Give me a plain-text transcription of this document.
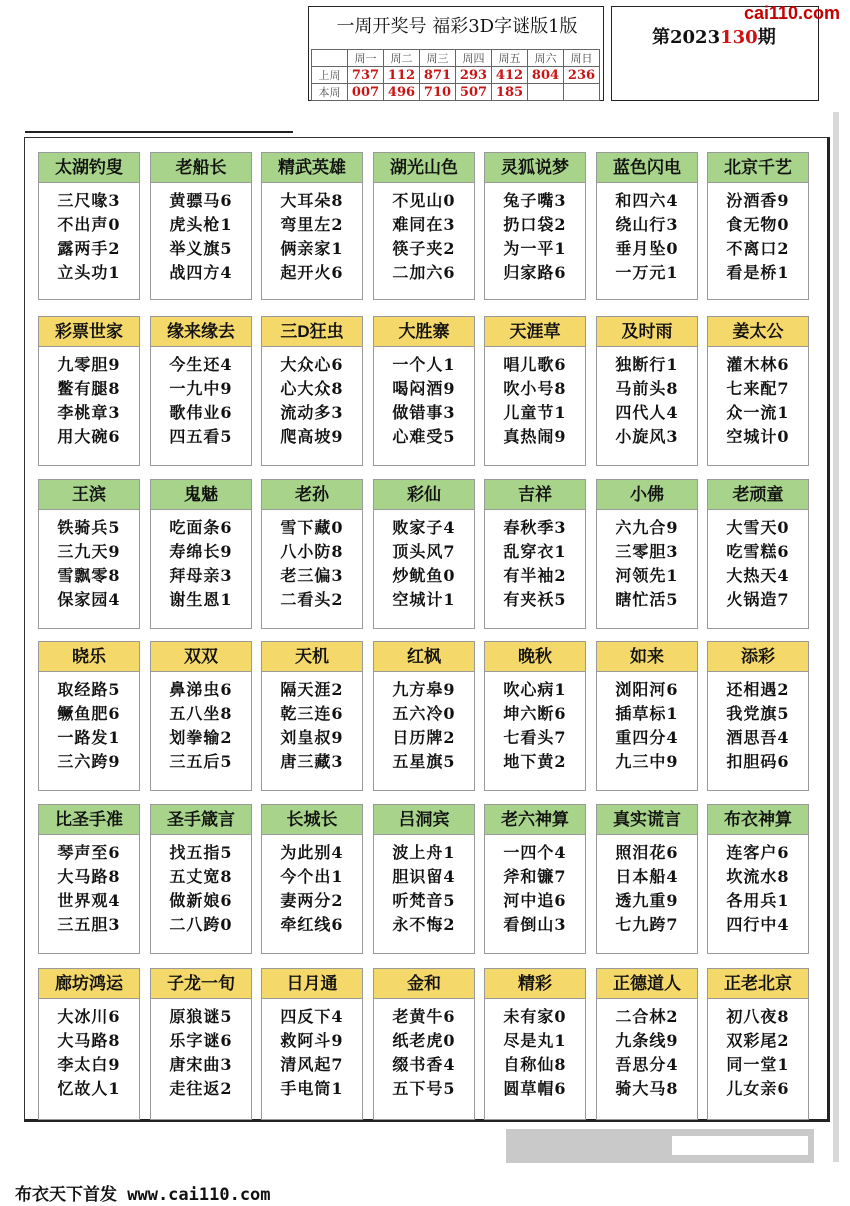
一周开奖号 福彩3D字谜版1版
	周一	周二	周三	周四	周五	周六	周日
上周	737	112	871	293	412	804	236
本周	007	496	710	507	185		
第2023130期
cai110.com
太湖钓叟
三尺喙3
不出声0
露两手2
立头功1
老船长
黄骠马6
虎头枪1
举义旗5
战四方4
精武英雄
大耳朵8
弯里左2
俩亲家1
起开火6
湖光山色
不见山0
难同在3
筷子夹2
二加六6
灵狐说梦
兔子嘴3
扔口袋2
为一平1
归家路6
蓝色闪电
和四六4
绕山行3
垂月坠0
一万元1
北京千艺
汾酒香9
食无物0
不离口2
看是桥1
彩票世家
九零胆9
鳖有腿8
李桃章3
用大碗6
缘来缘去
今生还4
一九中9
歌伟业6
四五看5
三D狂虫
大众心6
心大众8
流动多3
爬高坡9
大胜寨
一个人1
喝闷酒9
做错事3
心难受5
天涯草
唱儿歌6
吹小号8
儿童节1
真热闹9
及时雨
独断行1
马前头8
四代人4
小旋风3
姜太公
灌木林6
七来配7
众一流1
空城计0
王滨
铁骑兵5
三九天9
雪飘零8
保家园4
鬼魅
吃面条6
寿绵长9
拜母亲3
谢生恩1
老孙
雪下藏0
八小防8
老三偏3
二看头2
彩仙
败家子4
顶头风7
炒鱿鱼0
空城计1
吉祥
春秋季3
乱穿衣1
有半袖2
有夹袄5
小佛
六九合9
三零胆3
河领先1
瞎忙活5
老顽童
大雪天0
吃雪糕6
大热天4
火锅造7
晓乐
取经路5
鳜鱼肥6
一路发1
三六跨9
双双
鼻涕虫6
五八坐8
划拳输2
三五后5
天机
隔天涯2
乾三连6
刘皇叔9
唐三藏3
红枫
九方皋9
五六冷0
日历牌2
五星旗5
晚秋
吹心病1
坤六断6
七看头7
地下黄2
如来
浏阳河6
插草标1
重四分4
九三中9
添彩
还相遇2
我党旗5
酒思吾4
扣胆码6
比圣手准
琴声至6
大马路8
世界观4
三五胆3
圣手箴言
找五指5
五丈宽8
做新娘6
二八跨0
长城长
为此别4
今个出1
妻两分2
牵红线6
吕洞宾
波上舟1
胆识留4
听梵音5
永不悔2
老六神算
一四个4
斧和镰7
河中追6
看倒山3
真实谎言
照泪花6
日本船4
透九重9
七九跨7
布衣神算
连客户6
坎流水8
各用兵1
四行中4
廊坊鸿运
大冰川6
大马路8
李太白9
忆故人1
子龙一旬
原狼谜5
乐字谜6
唐宋曲3
走往返2
日月通
四反下4
救阿斗9
清风起7
手电筒1
金和
老黄牛6
纸老虎0
缀书香4
五下号5
精彩
未有家0
尽是丸1
自称仙8
圆草帽6
正德道人
二合林2
九条线9
吾思分4
骑大马8
正老北京
初八夜8
双彩尾2
同一堂1
儿女亲6
布衣天下首发 www.cai110.com
